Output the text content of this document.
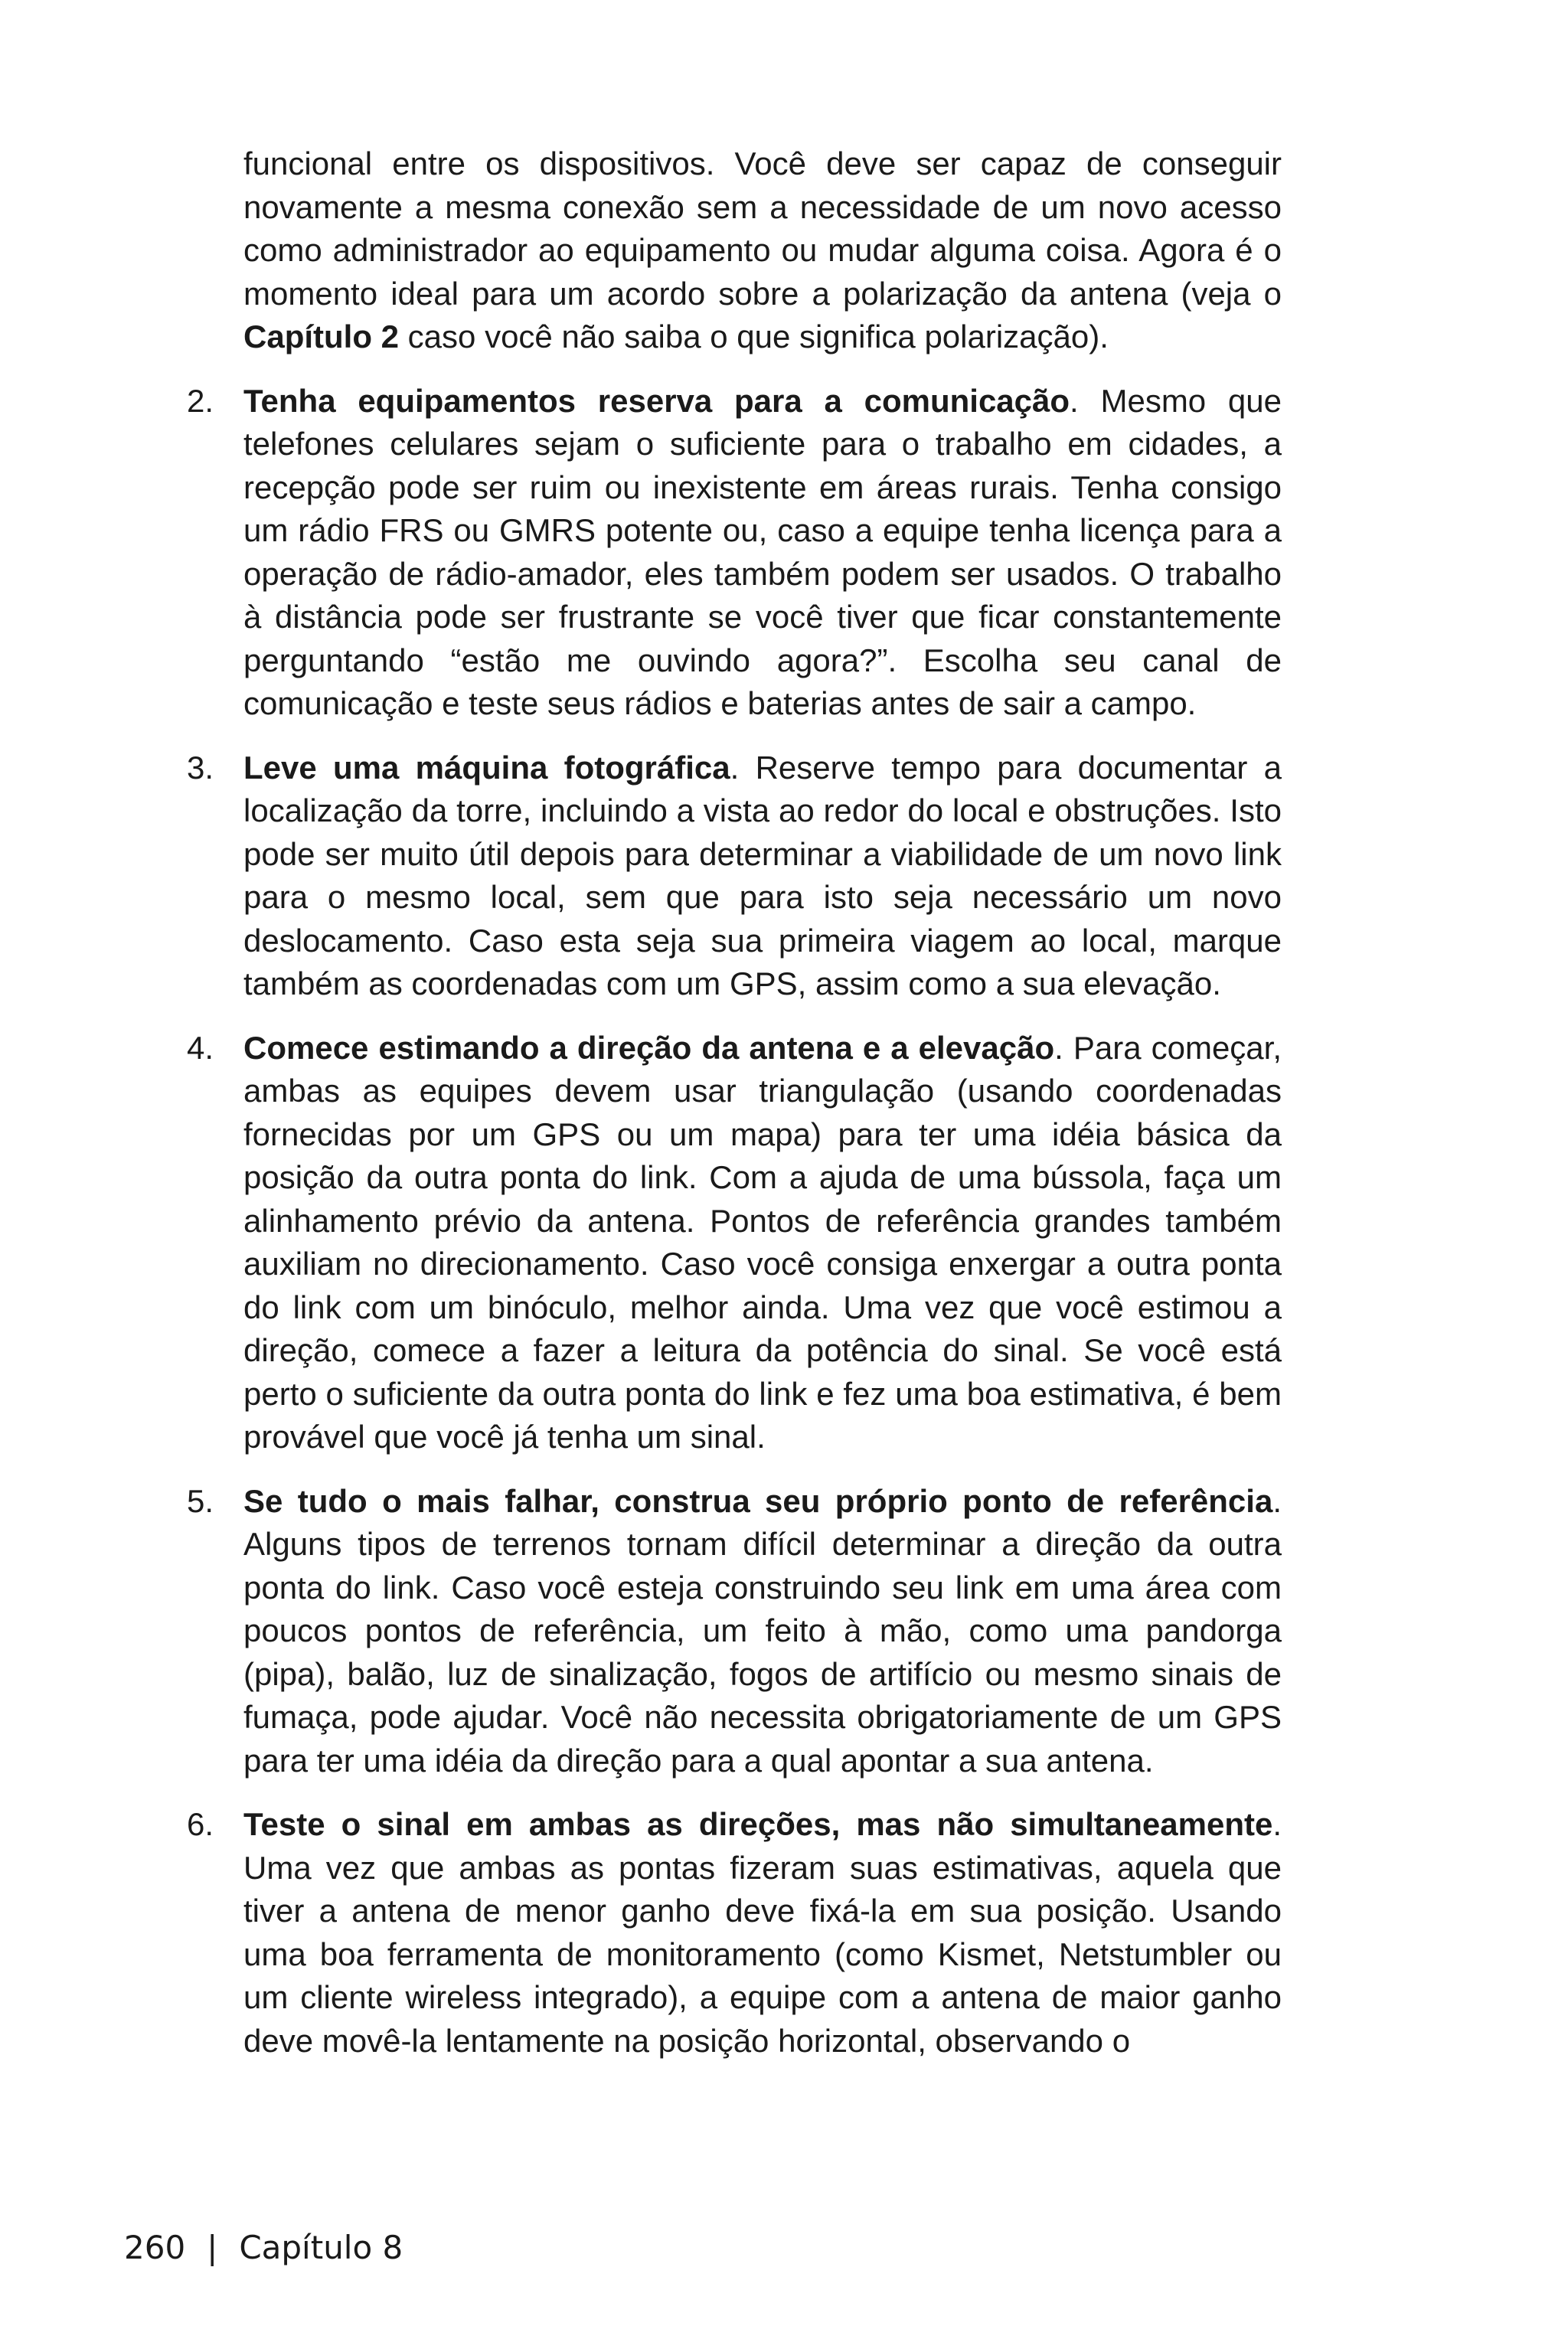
funcional entre os dispositivos. Você deve ser capaz de conseguir novamente a mesma conexão sem a necessidade de um novo acesso como administrador ao equipamento ou mudar alguma coisa. Agora é o momento ideal para um acordo sobre a polarização da antena (veja o Capítulo 2 caso você não saiba o que significa polarização).

2. Tenha equipamentos reserva para a comunicação. Mesmo que telefones celulares sejam o suficiente para o trabalho em cidades, a recepção pode ser ruim ou inexistente em áreas rurais. Tenha consigo um rádio FRS ou GMRS potente ou, caso a equipe tenha licença para a operação de rádio-amador, eles também podem ser usados. O trabalho à distância pode ser frustrante se você tiver que ficar constantemente perguntando “estão me ouvindo agora?”. Escolha seu canal de comunicação e teste seus rádios e baterias antes de sair a campo.
3. Leve uma máquina fotográfica. Reserve tempo para documentar a localização da torre, incluindo a vista ao redor do local e obstruções. Isto pode ser muito útil depois para determinar a viabilidade de um novo link para o mesmo local, sem que para isto seja necessário um novo deslocamento. Caso esta seja sua primeira viagem ao local, marque também as coordenadas com um GPS, assim como a sua elevação.
4. Comece estimando a direção da antena e a elevação. Para começar, ambas as equipes devem usar triangulação (usando coordenadas fornecidas por um GPS ou um mapa) para ter uma idéia básica da posição da outra ponta do link. Com a ajuda de uma bússola, faça um alinhamento prévio da antena. Pontos de referência grandes também auxiliam no direcionamento. Caso você consiga enxergar a outra ponta do link com um binóculo, melhor ainda. Uma vez que você estimou a direção, comece a fazer a leitura da potência do sinal. Se você está perto o suficiente da outra ponta do link e fez uma boa estimativa, é bem provável que você já tenha um sinal.
5. Se tudo o mais falhar, construa seu próprio ponto de referência. Alguns tipos de terrenos tornam difícil determinar a direção da outra ponta do link. Caso você esteja construindo seu link em uma área com poucos pontos de referência, um feito à mão, como uma pandorga (pipa), balão, luz de sinalização, fogos de artifício ou mesmo sinais de fumaça, pode ajudar. Você não necessita obrigatoriamente de um GPS para ter uma idéia da direção para a qual apontar a sua antena.
6. Teste o sinal em ambas as direções, mas não simultaneamente. Uma vez que ambas as pontas fizeram suas estimativas, aquela que tiver a antena de menor ganho deve fixá-la em sua posição. Usando uma boa ferramenta de monitoramento (como Kismet, Netstumbler ou um cliente wireless integrado), a equipe com a antena de maior ganho deve movê-la lentamente na posição horizontal, observando o
260 | Capítulo 8
